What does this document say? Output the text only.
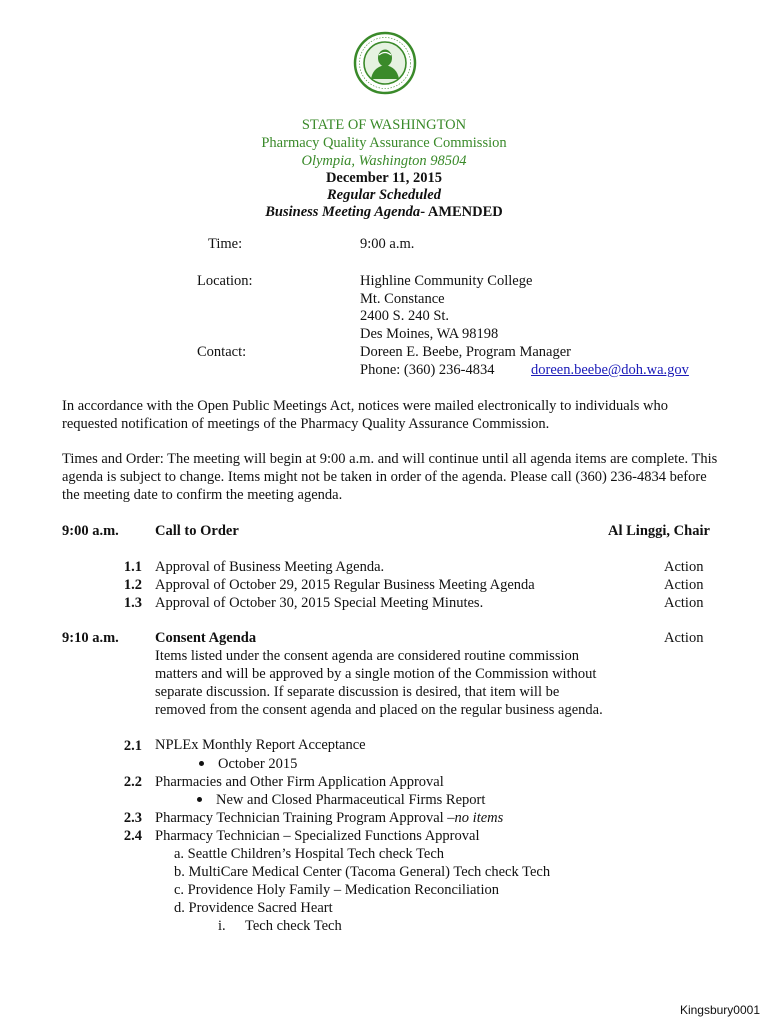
STATE OF WASHINGTON
Pharmacy Quality Assurance Commission
Olympia, Washington 98504
December 11, 2015
Regular Scheduled
Business Meeting Agenda- AMENDED
Time:	9:00 a.m.
Location:	Highline Community College
Mt. Constance
2400 S. 240 St.
Des Moines, WA 98198
Contact:	Doreen E. Beebe, Program Manager
Phone: (360) 236-4834	doreen.beebe@doh.wa.gov
In accordance with the Open Public Meetings Act, notices were mailed electronically to individuals who requested notification of meetings of the Pharmacy Quality Assurance Commission.
Times and Order: The meeting will begin at 9:00 a.m. and will continue until all agenda items are complete. This agenda is subject to change. Items might not be taken in order of the agenda. Please call (360) 236-4834 before the meeting date to confirm the meeting agenda.
9:00 a.m. Call to Order	Al Linggi, Chair
1.1 Approval of Business Meeting Agenda.	Action
1.2 Approval of October 29, 2015 Regular Business Meeting Agenda	Action
1.3 Approval of October 30, 2015 Special Meeting Minutes.	Action
9:10 a.m. Consent Agenda	Action
Items listed under the consent agenda are considered routine commission
matters and will be approved by a single motion of the Commission without
separate discussion. If separate discussion is desired, that item will be
removed from the consent agenda and placed on the regular business agenda.
2.1 NPLEx Monthly Report Acceptance
October 2015
2.2 Pharmacies and Other Firm Application Approval
New and Closed Pharmaceutical Firms Report
2.3 Pharmacy Technician Training Program Approval –no items
2.4 Pharmacy Technician – Specialized Functions Approval
a. Seattle Children’s Hospital Tech check Tech
b. MultiCare Medical Center (Tacoma General) Tech check Tech
c. Providence Holy Family – Medication Reconciliation
d. Providence Sacred Heart
i. Tech check Tech
Kingsbury0001
